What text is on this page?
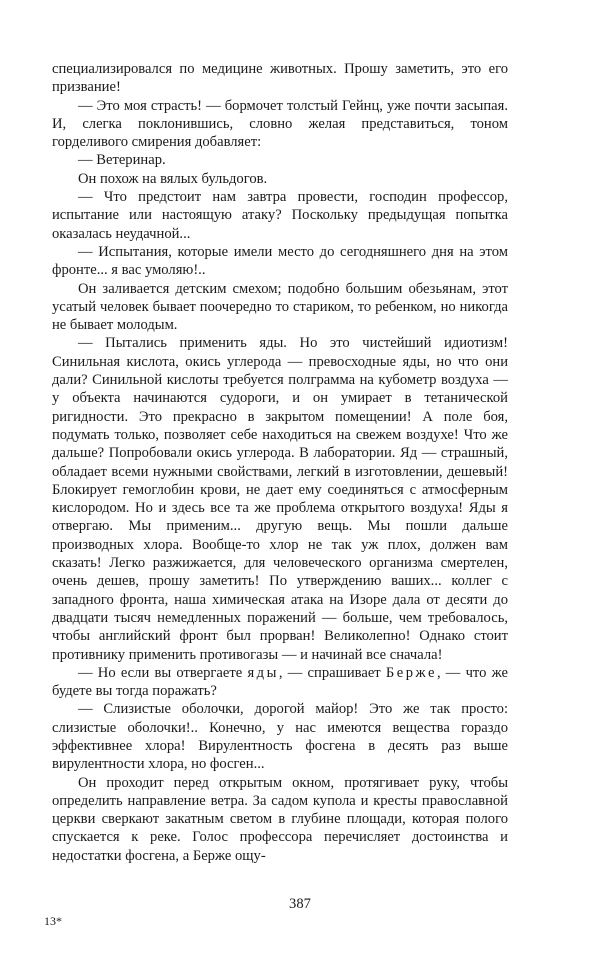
специализировался по медицине животных. Прошу заметить, это его призвание!

— Это моя страсть! — бормочет толстый Гейнц, уже почти засыпая. И, слегка поклонившись, словно желая представиться, тоном горделивого смирения добавляет:

— Ветеринар.

Он похож на вялых бульдогов.

— Что предстоит нам завтра провести, господин профессор, испытание или настоящую атаку? Поскольку предыдущая попытка оказалась неудачной...

— Испытания, которые имели место до сегодняшнего дня на этом фронте... я вас умоляю!..

Он заливается детским смехом; подобно большим обезьянам, этот усатый человек бывает поочередно то стариком, то ребенком, но никогда не бывает молодым.

— Пытались применить яды. Но это чистейший идиотизм! Синильная кислота, окись углерода — превосходные яды, но что они дали? Синильной кислоты требуется полграмма на кубометр воздуха — у объекта начинаются судороги, и он умирает в тетанической ригидности. Это прекрасно в закрытом помещении! А поле боя, подумать только, позволяет себе находиться на свежем воздухе! Что же дальше? Попробовали окись углерода. В лаборатории. Яд — страшный, обладает всеми нужными свойствами, легкий в изготовлении, дешевый! Блокирует гемоглобин крови, не дает ему соединяться с атмосферным кислородом. Но и здесь все та же проблема открытого воздуха! Яды я отвергаю. Мы применим... другую вещь. Мы пошли дальше производных хлора. Вообще-то хлор не так уж плох, должен вам сказать! Легко разжижается, для человеческого организма смертелен, очень дешев, прошу заметить! По утверждению ваших... коллег с западного фронта, наша химическая атака на Изоре дала от десяти до двадцати тысяч немедленных поражений — больше, чем требовалось, чтобы английский фронт был прорван! Великолепно! Однако стоит противнику применить противогазы — и начинай все сначала!

— Но если вы отвергаете яды, — спрашивает Берже, — что же будете вы тогда поражать?

— Слизистые оболочки, дорогой майор! Это же так просто: слизистые оболочки!.. Конечно, у нас имеются вещества гораздо эффективнее хлора! Вирулентность фосгена в десять раз выше вирулентности хлора, но фосген...

Он проходит перед открытым окном, протягивает руку, чтобы определить направление ветра. За садом купола и кресты православной церкви сверкают закатным светом в глубине площади, которая полого спускается к реке. Голос профессора перечисляет достоинства и недостатки фосгена, а Берже ощу-

387
13*
